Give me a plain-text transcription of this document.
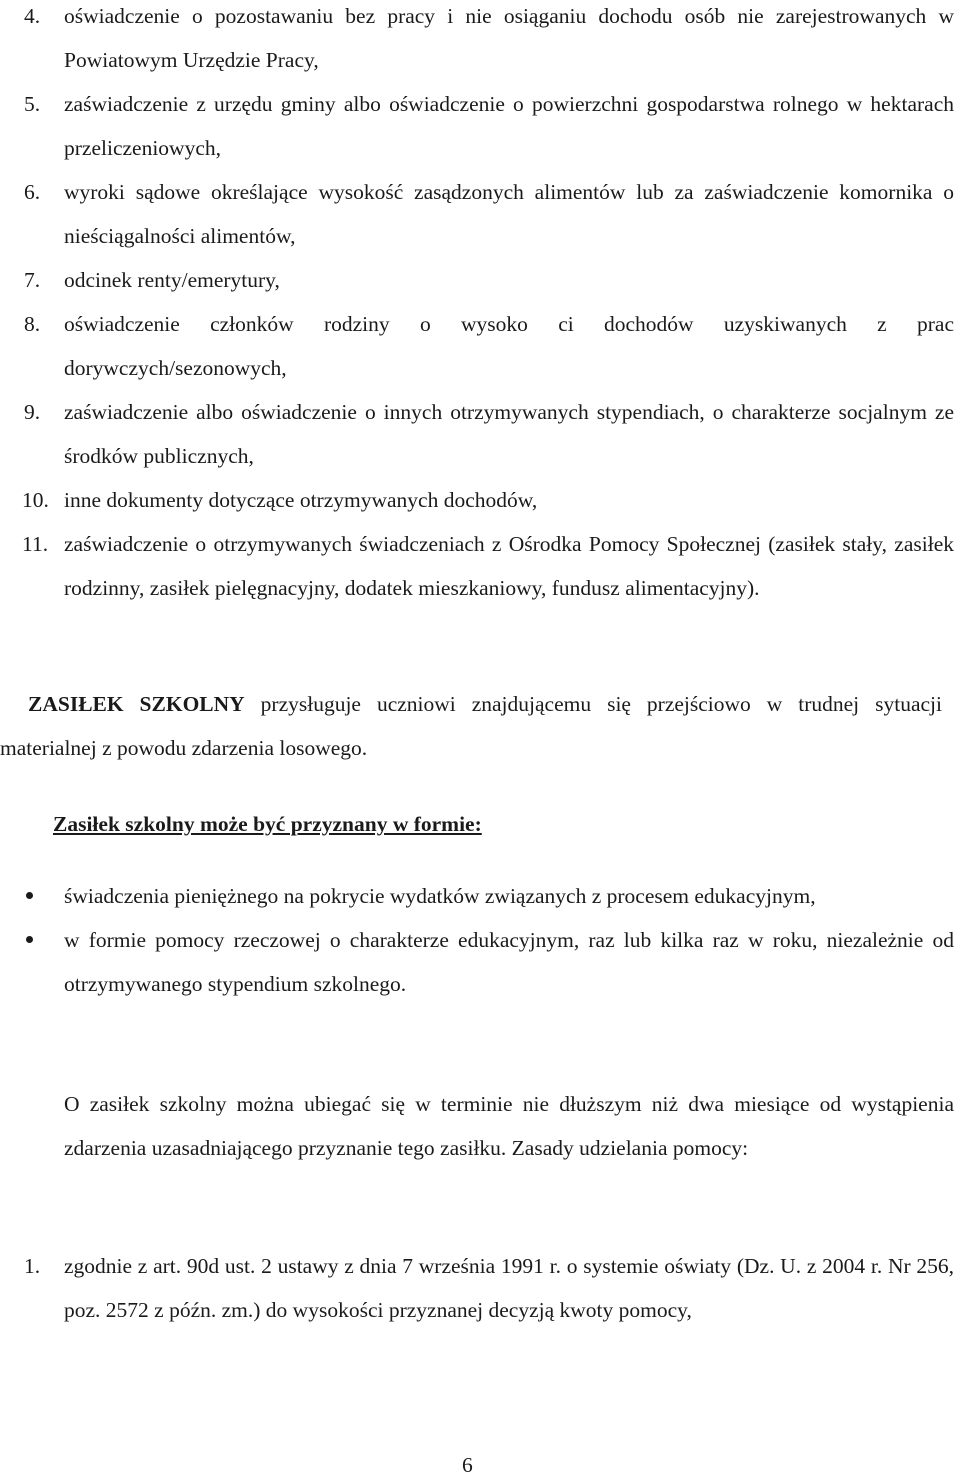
4. oświadczenie o pozostawaniu bez pracy i nie osiąganiu dochodu osób nie zarejestrowanych w Powiatowym Urzędzie Pracy,
5. zaświadczenie z urzędu gminy albo oświadczenie o powierzchni gospodarstwa rolnego w hektarach przeliczeniowych,
6. wyroki sądowe określające wysokość zasądzonych alimentów lub za zaświadczenie komornika o nieściągalności alimentów,
7. odcinek renty/emerytury,
8. oświadczenie członków rodziny o wysoko ci dochodów uzyskiwanych z prac dorywczych/sezonowych,
9. zaświadczenie albo oświadczenie o innych otrzymywanych stypendiach, o charakterze socjalnym ze środków publicznych,
10. inne dokumenty dotyczące otrzymywanych dochodów,
11. zaświadczenie o otrzymywanych świadczeniach z Ośrodka Pomocy Społecznej (zasiłek stały, zasiłek rodzinny, zasiłek pielęgnacyjny, dodatek mieszkaniowy, fundusz alimentacyjny).

ZASIŁEK SZKOLNY przysługuje uczniowi znajdującemu się przejściowo w trudnej sytuacji materialnej z powodu zdarzenia losowego.

Zasiłek szkolny może być przyznany w formie:
świadczenia pieniężnego na pokrycie wydatków związanych z procesem edukacyjnym,
w formie pomocy rzeczowej o charakterze edukacyjnym, raz lub kilka raz w roku, niezależnie od otrzymywanego stypendium szkolnego.

O zasiłek szkolny można ubiegać się w terminie nie dłuższym niż dwa miesiące od wystąpienia zdarzenia uzasadniającego przyznanie tego zasiłku. Zasady udzielania pomocy:

1. zgodnie z art. 90d ust. 2 ustawy z dnia 7 września 1991 r. o systemie oświaty (Dz. U. z 2004 r. Nr 256, poz. 2572 z późn. zm.) do wysokości przyznanej decyzją kwoty pomocy,
6
